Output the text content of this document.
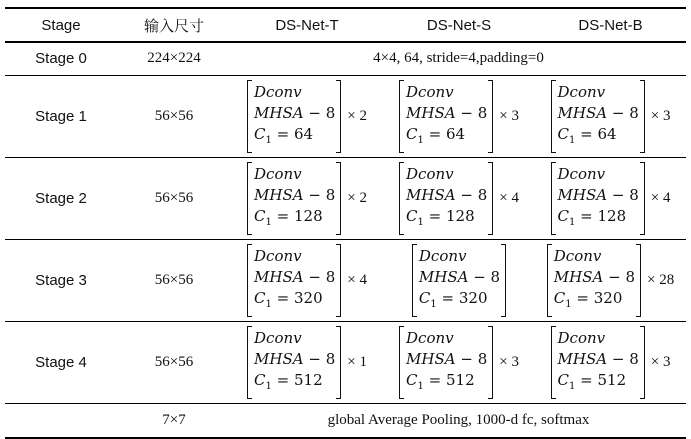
Stage	输入尺寸	DS-Net-T	DS-Net-S	DS-Net-B
Stage 0	224×224	4×4, 64, stride=4,padding=0		
Stage 1	56×56	Dconv
MHSA − 8
$C_1 = 64$
× 2	Dconv
MHSA − 8
$C_1 = 64$
× 3	Dconv
MHSA − 8
$C_1 = 64$
× 3

Stage 2	56×56	Dconv
MHSA − 8
$C_1 = 128$
× 2	Dconv
MHSA − 8
$C_1 = 128$
× 4	Dconv
MHSA − 8
$C_1 = 128$
× 4

Stage 3	56×56	Dconv
MHSA − 8
$C_1 = 320$
× 4	Dconv
MHSA − 8
$C_1 = 320$	Dconv
MHSA − 8
$C_1 = 320$
× 28

Stage 4	56×56	Dconv
MHSA − 8
$C_1 = 512$
× 1	Dconv
MHSA − 8
$C_1 = 512$
× 3	Dconv
MHSA − 8
$C_1 = 512$
× 3

	7×7	global Average Pooling, 1000-d fc, softmax		
